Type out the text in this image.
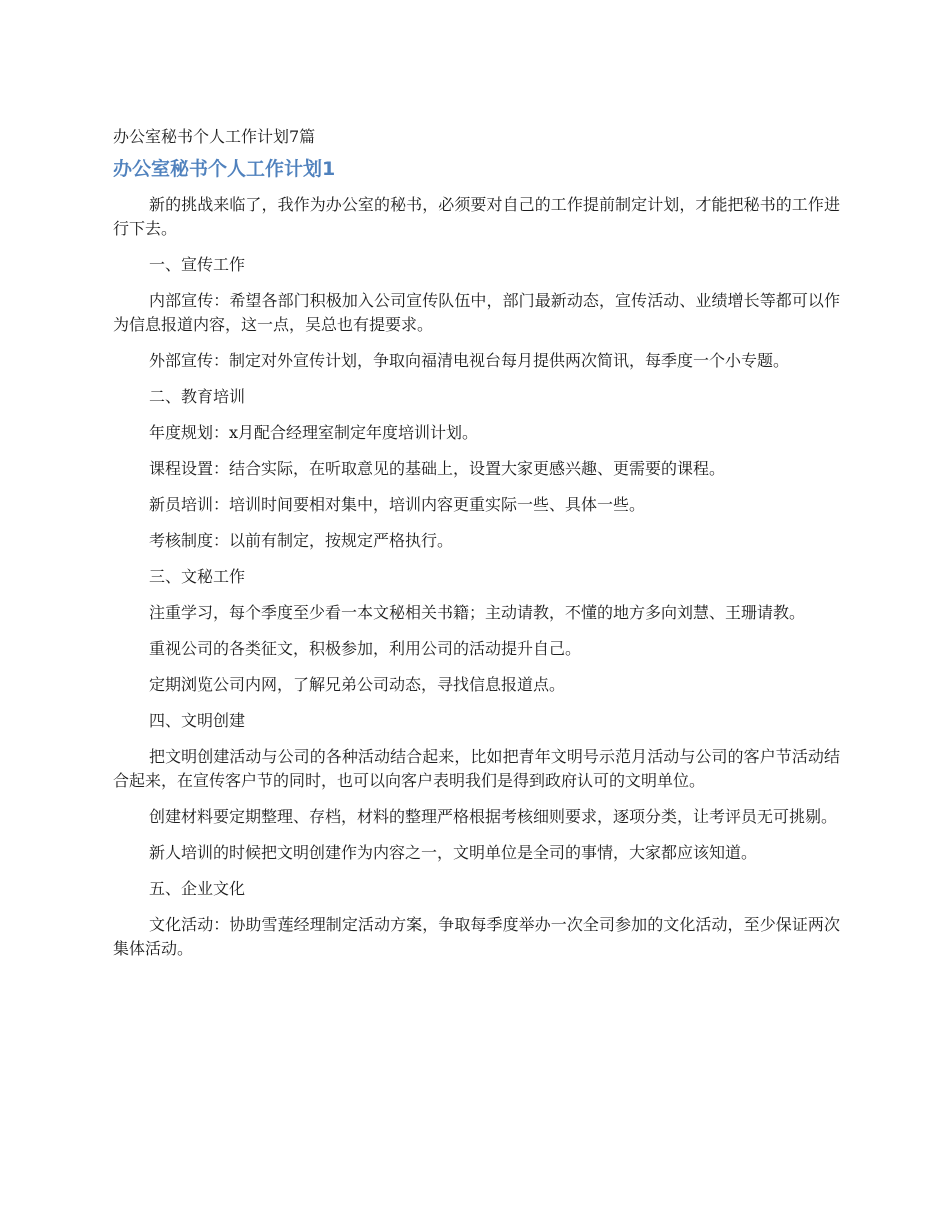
办公室秘书个人工作计划7篇
办公室秘书个人工作计划1

新的挑战来临了，我作为办公室的秘书，必须要对自己的工作提前制定计划，才能把秘书的工作进行下去。

一、宣传工作

内部宣传：希望各部门积极加入公司宣传队伍中，部门最新动态，宣传活动、业绩增长等都可以作为信息报道内容，这一点，吴总也有提要求。

外部宣传：制定对外宣传计划，争取向福清电视台每月提供两次简讯，每季度一个小专题。

二、教育培训

年度规划：x月配合经理室制定年度培训计划。

课程设置：结合实际，在听取意见的基础上，设置大家更感兴趣、更需要的课程。

新员培训：培训时间要相对集中，培训内容更重实际一些、具体一些。

考核制度：以前有制定，按规定严格执行。

三、文秘工作

注重学习，每个季度至少看一本文秘相关书籍；主动请教，不懂的地方多向刘慧、王珊请教。

重视公司的各类征文，积极参加，利用公司的活动提升自己。

定期浏览公司内网，了解兄弟公司动态，寻找信息报道点。

四、文明创建

把文明创建活动与公司的各种活动结合起来，比如把青年文明号示范月活动与公司的客户节活动结合起来，在宣传客户节的同时，也可以向客户表明我们是得到政府认可的文明单位。

创建材料要定期整理、存档，材料的整理严格根据考核细则要求，逐项分类，让考评员无可挑剔。

新人培训的时候把文明创建作为内容之一，文明单位是全司的事情，大家都应该知道。

五、企业文化

文化活动：协助雪莲经理制定活动方案，争取每季度举办一次全司参加的文化活动，至少保证两次集体活动。
